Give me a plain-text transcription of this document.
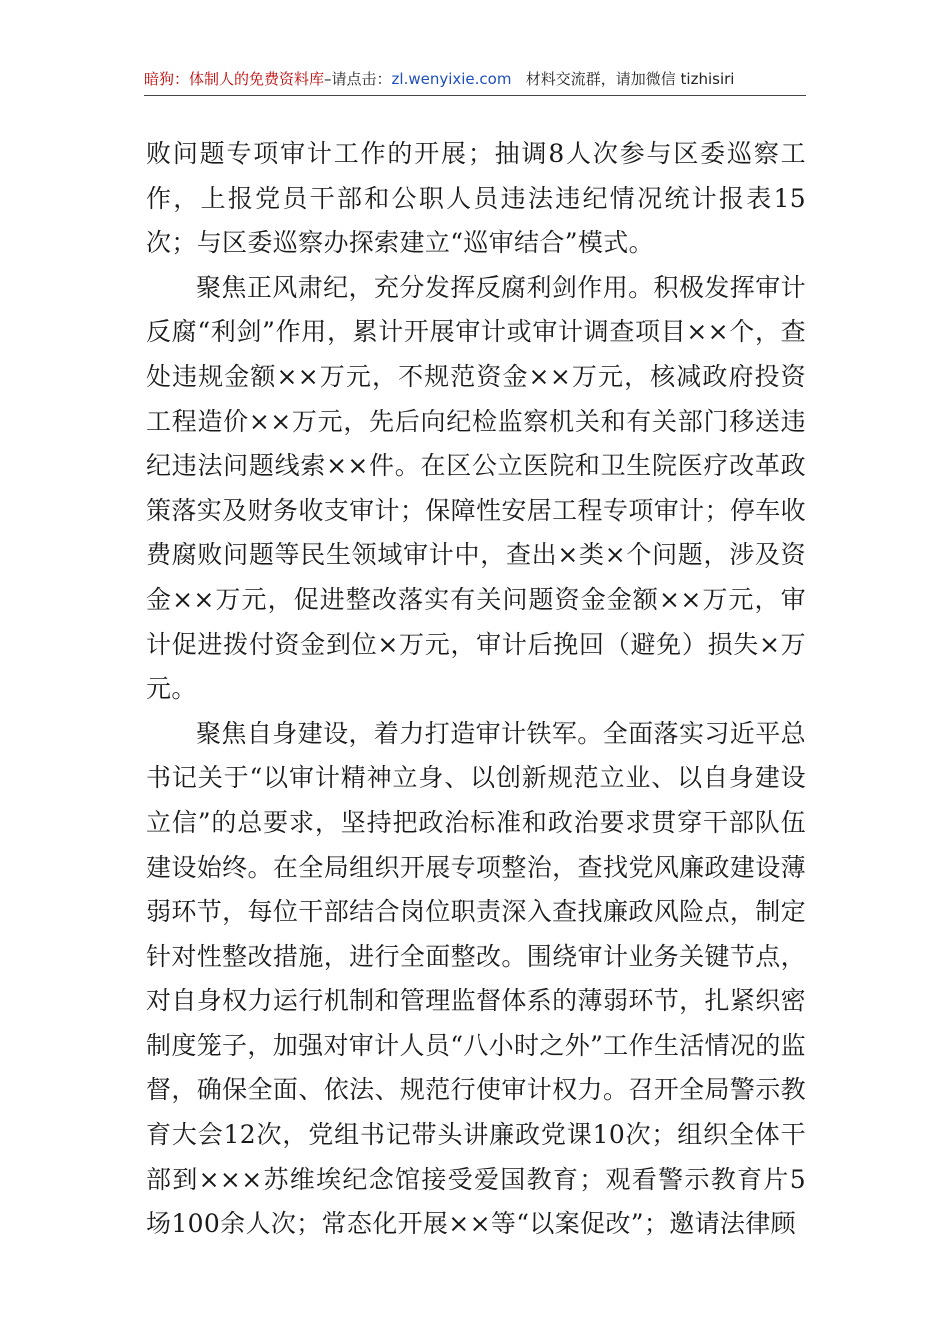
暗狗：体制人的免费资料库–请点击：zl.wenyixie.com 材料交流群，请加微信 tizhisiri

败问题专项审计工作的开展；抽调8人次参与区委巡察工作，上报党员干部和公职人员违法违纪情况统计报表15次；与区委巡察办探索建立“巡审结合”模式。

聚焦正风肃纪，充分发挥反腐利剑作用。积极发挥审计反腐“利剑”作用，累计开展审计或审计调查项目××个，查处违规金额××万元，不规范资金××万元，核减政府投资工程造价××万元，先后向纪检监察机关和有关部门移送违纪违法问题线索××件。在区公立医院和卫生院医疗改革政策落实及财务收支审计；保障性安居工程专项审计；停车收费腐败问题等民生领域审计中，查出×类×个问题，涉及资金××万元，促进整改落实有关问题资金金额××万元，审计促进拨付资金到位×万元，审计后挽回（避免）损失×万元。

聚焦自身建设，着力打造审计铁军。全面落实习近平总书记关于“以审计精神立身、以创新规范立业、以自身建设立信”的总要求，坚持把政治标准和政治要求贯穿干部队伍建设始终。在全局组织开展专项整治，查找党风廉政建设薄弱环节，每位干部结合岗位职责深入查找廉政风险点，制定针对性整改措施，进行全面整改。围绕审计业务关键节点，对自身权力运行机制和管理监督体系的薄弱环节，扎紧织密制度笼子，加强对审计人员“八小时之外”工作生活情况的监督，确保全面、依法、规范行使审计权力。召开全局警示教育大会12次，党组书记带头讲廉政党课10次；组织全体干部到×××苏维埃纪念馆接受爱国教育；观看警示教育片5场100余人次；常态化开展××等“以案促改”；邀请法律顾
